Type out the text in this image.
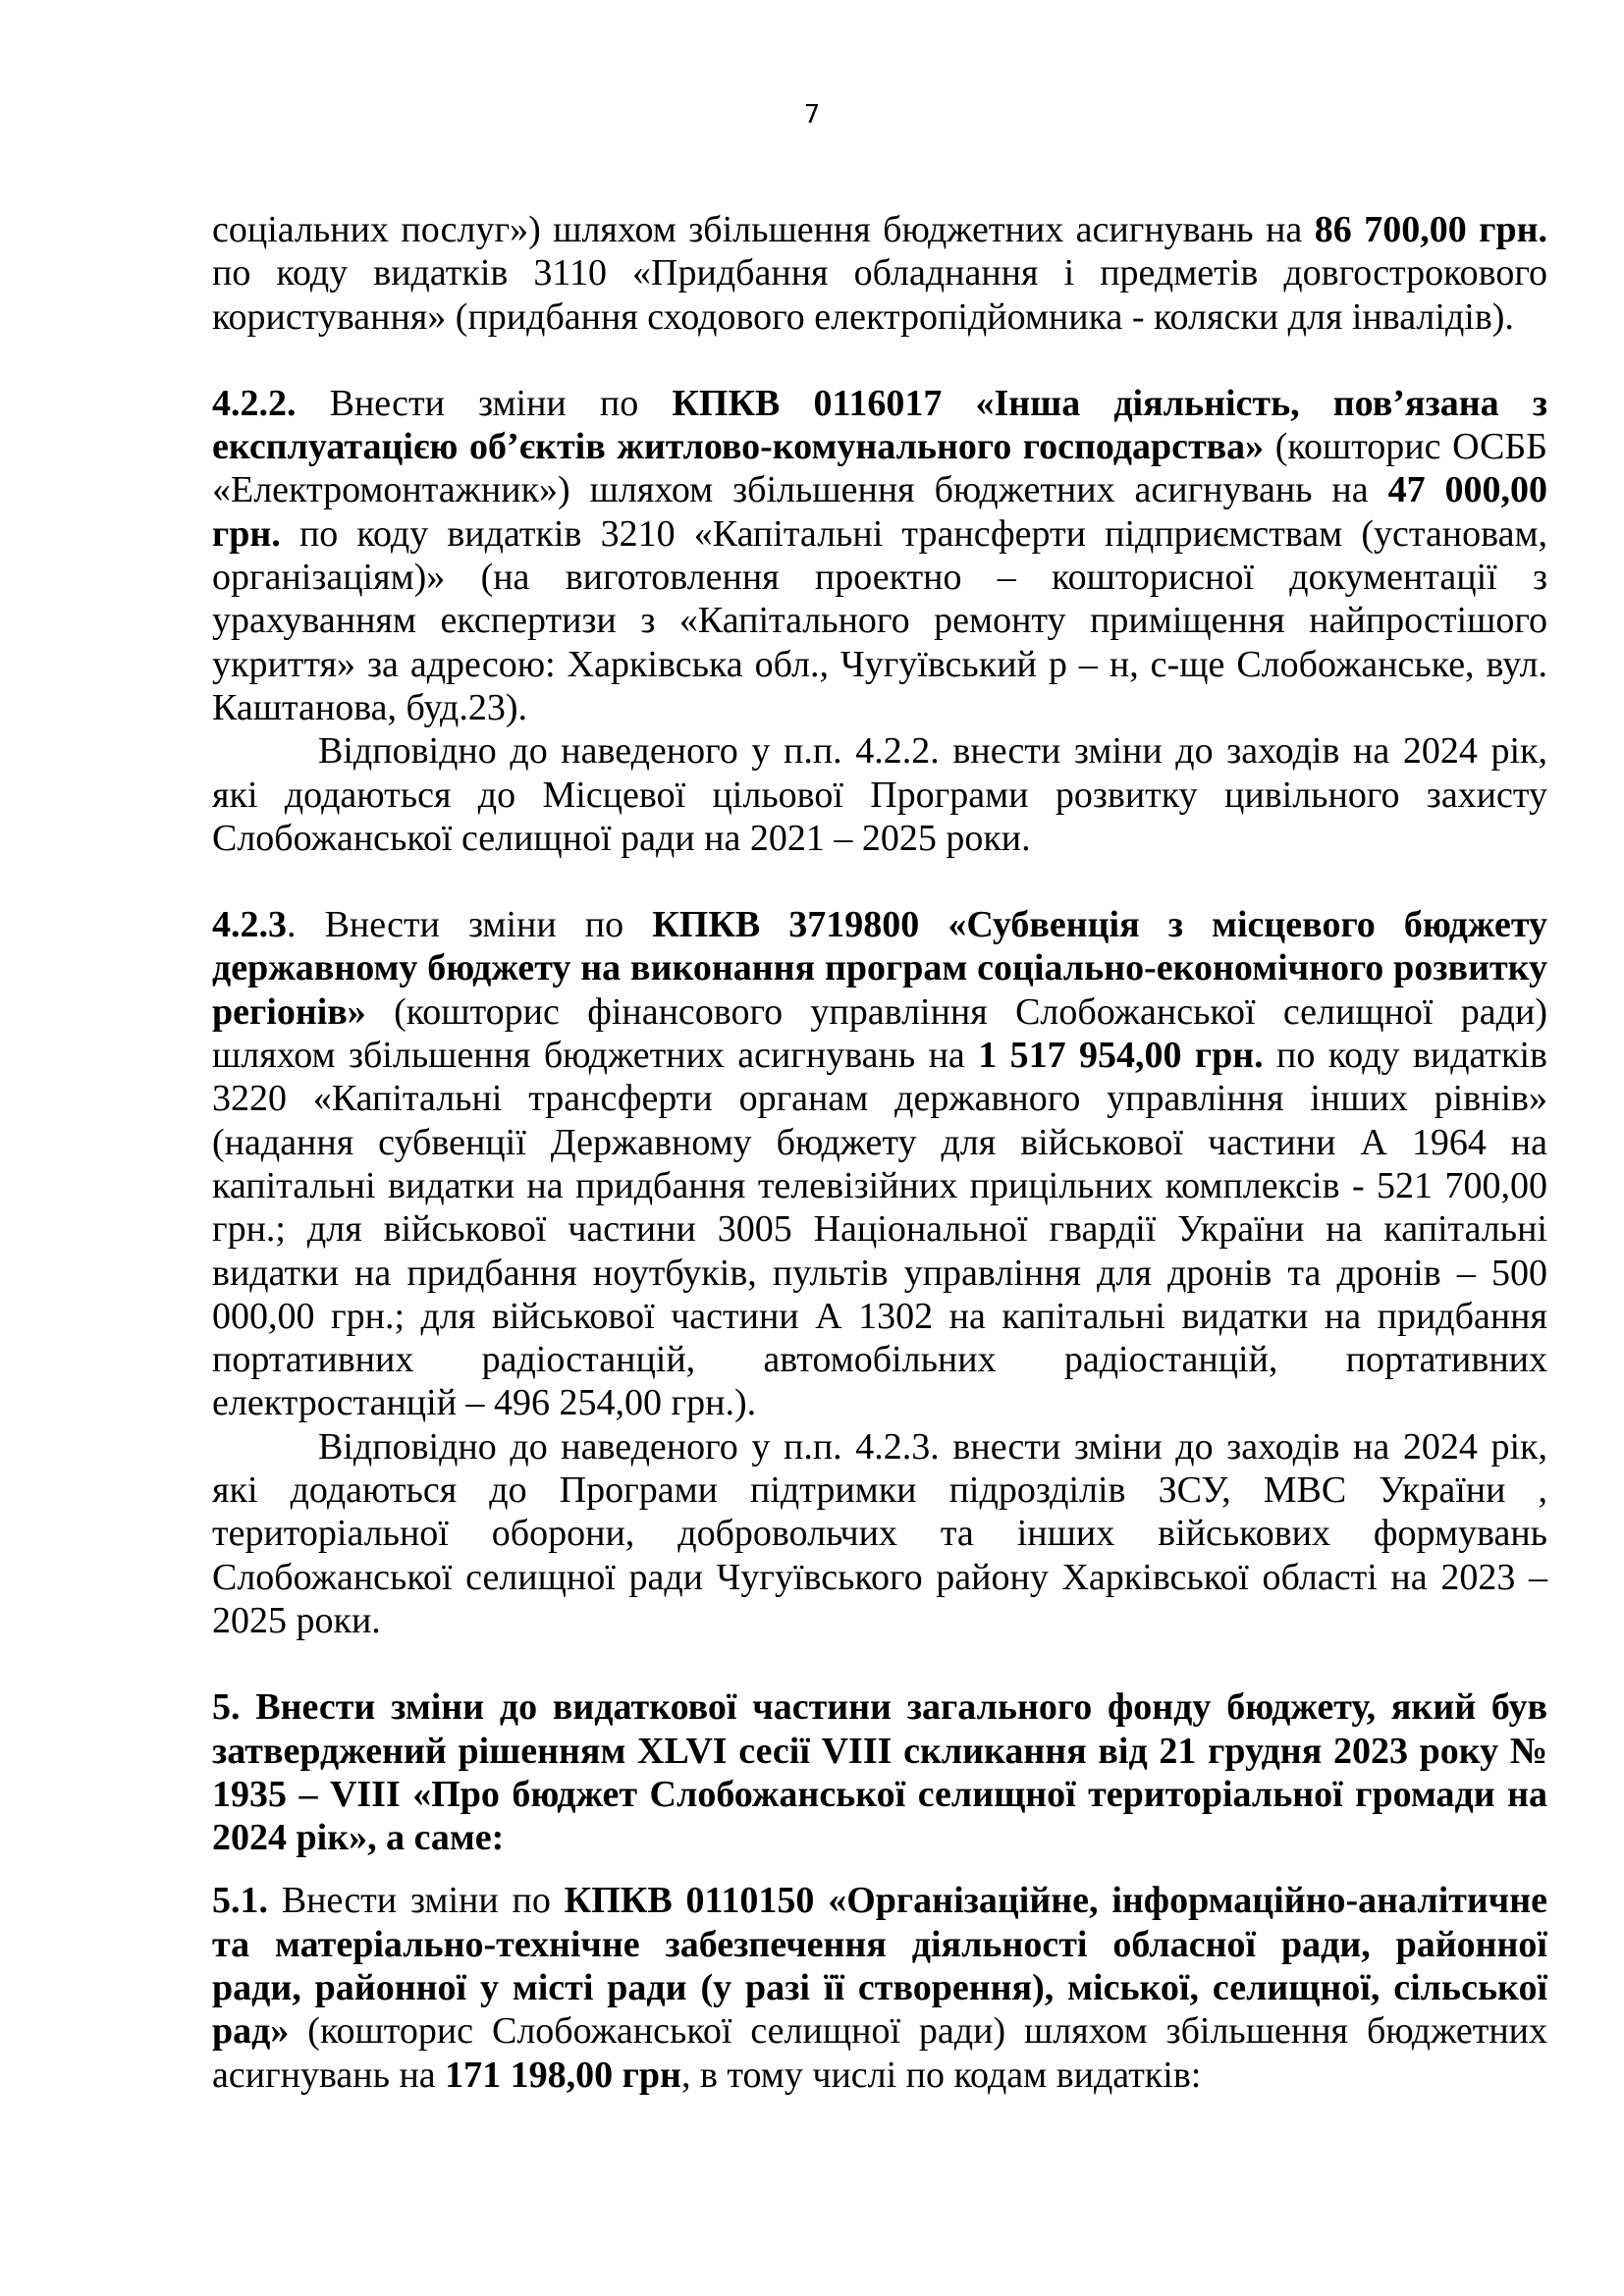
7

соціальних послуг») шляхом збільшення бюджетних асигнувань на 86 700,00 грн. по коду видатків 3110 «Придбання обладнання і предметів довгострокового користування» (придбання сходового електропідйомника - коляски для інвалідів).

4.2.2. Внести зміни по КПКВ 0116017 «Інша діяльність, пов’язана з експлуатацією об’єктів житлово-комунального господарства» (кошторис ОСББ «Електромонтажник») шляхом збільшення бюджетних асигнувань на 47 000,00 грн. по коду видатків 3210 «Капітальні трансферти підприємствам (установам, організаціям)» (на виготовлення проектно – кошторисної документації з урахуванням експертизи з «Капітального ремонту приміщення найпростішого укриття» за адресою: Харківська обл., Чугуївський р – н, с-ще Слобожанське, вул. Каштанова, буд.23).

Відповідно до наведеного у п.п. 4.2.2. внести зміни до заходів на 2024 рік, які додаються до Місцевої цільової Програми розвитку цивільного захисту Слобожанської селищної ради на 2021 – 2025 роки.

4.2.3. Внести зміни по КПКВ 3719800 «Субвенція з місцевого бюджету державному бюджету на виконання програм соціально-економічного розвитку регіонів» (кошторис фінансового управління Слобожанської селищної ради) шляхом збільшення бюджетних асигнувань на 1 517 954,00 грн. по коду видатків 3220 «Капітальні трансферти органам державного управління інших рівнів» (надання субвенції Державному бюджету для військової частини А 1964 на капітальні видатки на придбання телевізійних прицільних комплексів - 521 700,00 грн.; для військової частини 3005 Національної гвардії України на капітальні видатки на придбання ноутбуків, пультів управління для дронів та дронів – 500 000,00 грн.; для військової частини А 1302 на капітальні видатки на придбання портативних радіостанцій, автомобільних радіостанцій, портативних електростанцій – 496 254,00 грн.).

Відповідно до наведеного у п.п. 4.2.3. внести зміни до заходів на 2024 рік, які додаються до Програми підтримки підрозділів ЗСУ, МВС України , територіальної оборони, добровольчих та інших військових формувань Слобожанської селищної ради Чугуївського району Харківської області на 2023 – 2025 роки.

5. Внести зміни до видаткової частини загального фонду бюджету, який був затверджений рішенням XLVI сесії VIII скликання від 21 грудня 2023 року № 1935 – VIII «Про бюджет Слобожанської селищної територіальної громади на 2024 рік», а саме:

5.1. Внести зміни по КПКВ 0110150 «Організаційне, інформаційно-аналітичне та матеріально-технічне забезпечення діяльності обласної ради, районної ради, районної у місті ради (у разі її створення), міської, селищної, сільської рад» (кошторис Слобожанської селищної ради) шляхом збільшення бюджетних асигнувань на 171 198,00 грн, в тому числі по кодам видатків:
